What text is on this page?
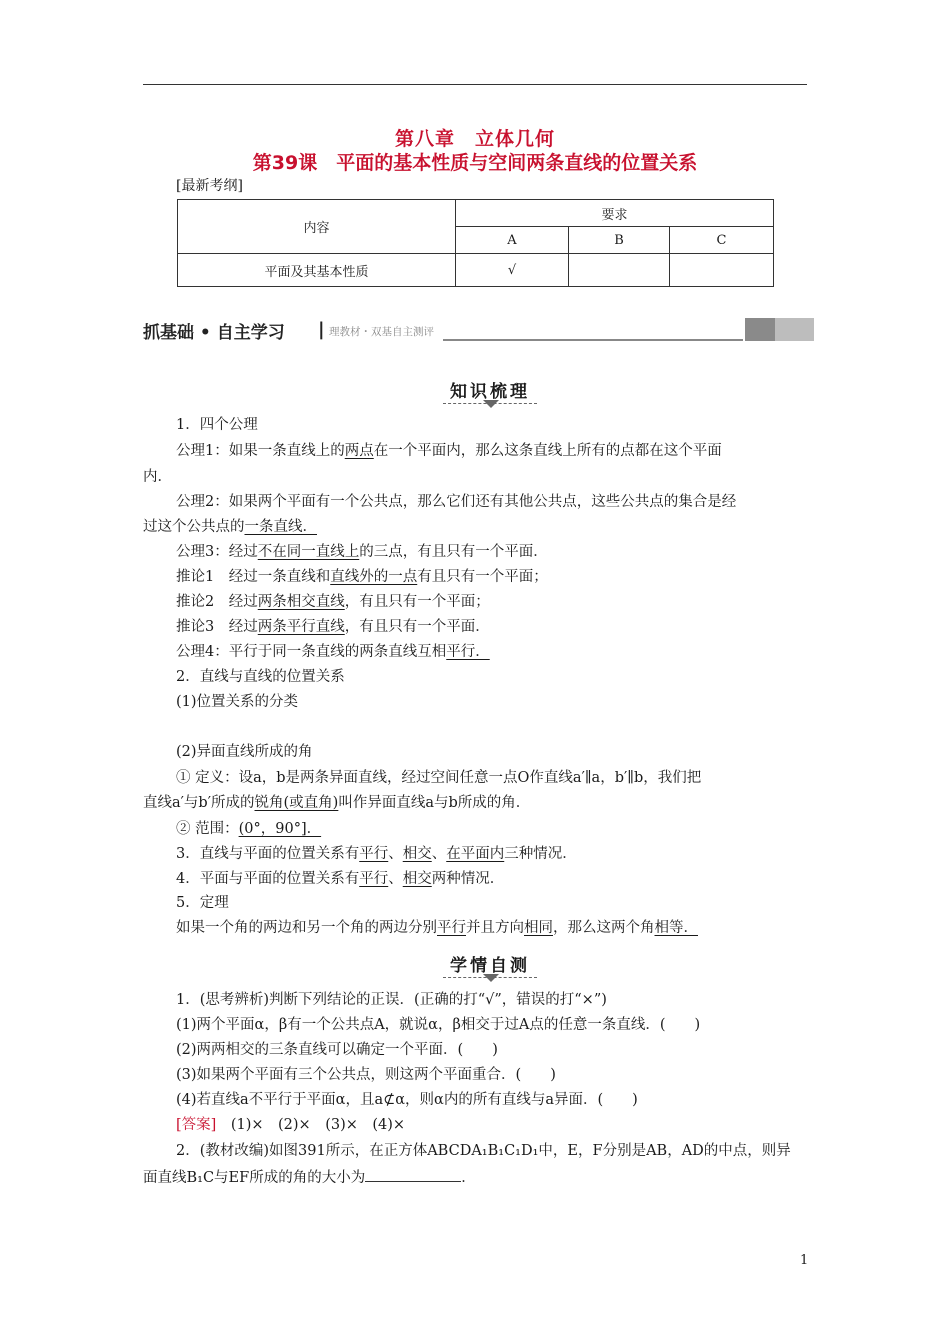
第八章　立体几何
第39课　平面的基本性质与空间两条直线的位置关系
[最新考纲]
内容	要求		
	A	B	C
平面及其基本性质	√		
抓基础 • 自主学习 | 理教材・双基自主测评
知识梳理
1．四个公理
公理1：如果一条直线上的两点在一个平面内，那么这条直线上所有的点都在这个平面
内．
公理2：如果两个平面有一个公共点，那么它们还有其他公共点，这些公共点的集合是经
过这个公共点的一条直线．
公理3：经过不在同一直线上的三点，有且只有一个平面．
推论1　经过一条直线和直线外的一点有且只有一个平面；
推论2　经过两条相交直线，有且只有一个平面；
推论3　经过两条平行直线，有且只有一个平面．
公理4：平行于同一条直线的两条直线互相平行．
2．直线与直线的位置关系
(1)位置关系的分类
(2)异面直线所成的角
① 定义：设a，b是两条异面直线，经过空间任意一点O作直线a′∥a，b′∥b，我们把
直线a′与b′所成的锐角(或直角)叫作异面直线a与b所成的角．
② 范围：(0°，90°]．
3．直线与平面的位置关系有平行、相交、在平面内三种情况．
4．平面与平面的位置关系有平行、相交两种情况．
5．定理
如果一个角的两边和另一个角的两边分别平行并且方向相同，那么这两个角相等．
学情自测
1．(思考辨析)判断下列结论的正误．(正确的打“√”，错误的打“×”)
(1)两个平面α，β有一个公共点A，就说α，β相交于过A点的任意一条直线．(　　)
(2)两两相交的三条直线可以确定一个平面．(　　)
(3)如果两个平面有三个公共点，则这两个平面重合．(　　)
(4)若直线a不平行于平面α，且a⊄α，则α内的所有直线与a异面．(　　)
[答案]　 (1)×　(2)×　(3)×　(4)×
2．(教材改编)如图391所示，在正方体ABCDA₁B₁C₁D₁中，E，F分别是AB，AD的中点，则异
面直线B₁C与EF所成的角的大小为	．
1
